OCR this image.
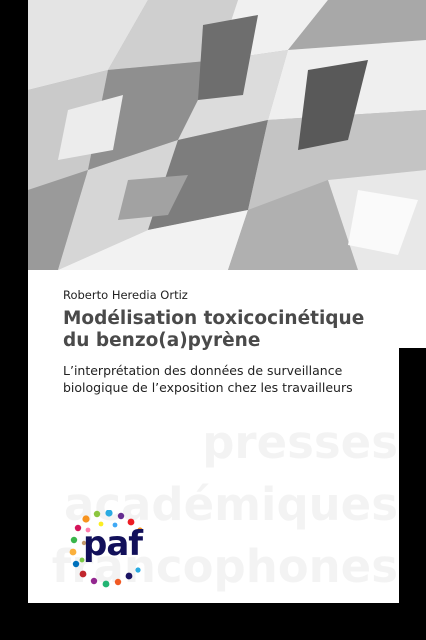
Roberto Heredia Ortiz
Modélisation toxicocinétique du benzo(a)pyrène

L’interprétation des données de surveillance biologique de l’exposition chez les travailleurs

paf
